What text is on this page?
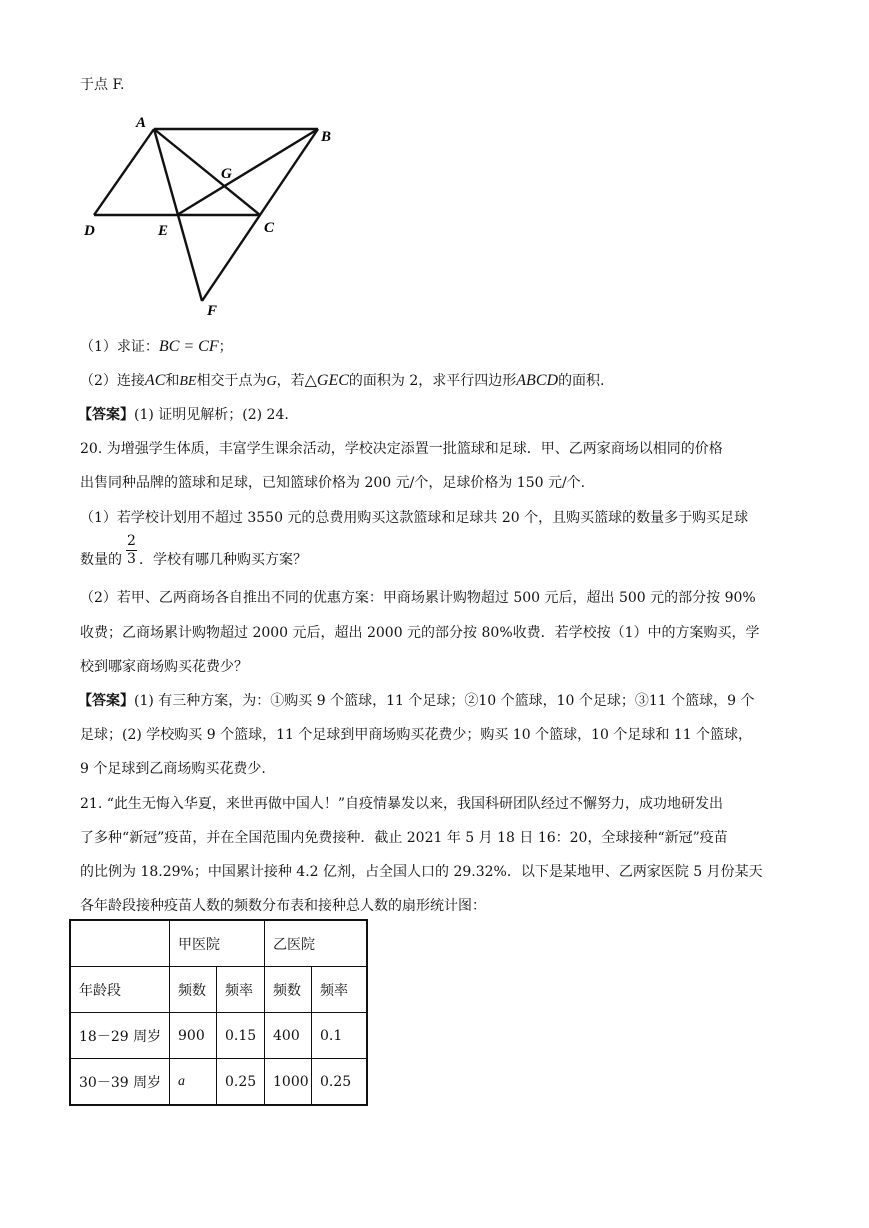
于点 F.
A
B
C
D	E
F
G
（1）求证：BC = CF；
（2）连接AC和BE相交于点为G，若△GEC的面积为 2，求平行四边形ABCD的面积.
【答案】(1) 证明见解析；(2) 24.
20. 为增强学生体质，丰富学生课余活动，学校决定添置一批篮球和足球．甲、乙两家商场以相同的价格
出售同种品牌的篮球和足球，已知篮球价格为 200 元/个，足球价格为 150 元/个.
（1）若学校计划用不超过 3550 元的总费用购买这款篮球和足球共 20 个，且购买篮球的数量多于购买足球
数量的
2
3 ．学校有哪几种购买方案？
（2）若甲、乙两商场各自推出不同的优惠方案：甲商场累计购物超过 500 元后，超出 500 元的部分按 90%
收费；乙商场累计购物超过 2000 元后，超出 2000 元的部分按 80%收费．若学校按（1）中的方案购买，学
校到哪家商场购买花费少？
【答案】(1) 有三种方案，为：①购买 9 个篮球，11 个足球；②10 个篮球，10 个足球；③11 个篮球，9 个
足球；(2) 学校购买 9 个篮球，11 个足球到甲商场购买花费少；购买 10 个篮球，10 个足球和 11 个篮球，
9 个足球到乙商场购买花费少.
21. “此生无悔入华夏，来世再做中国人！”自疫情暴发以来，我国科研团队经过不懈努力，成功地研发出
了多种“新冠”疫苗，并在全国范围内免费接种．截止 2021 年 5 月 18 日 16：20，全球接种“新冠”疫苗
的比例为 18.29%；中国累计接种 4.2 亿剂，占全国人口的 29.32%．以下是某地甲、乙两家医院 5 月份某天
各年龄段接种疫苗人数的频数分布表和接种总人数的扇形统计图：
	甲医院		乙医院	
年龄段	频数	频率	频数	频率
18－29 周岁	900	0.15	400	0.1
30－39 周岁	a	0.25	1000	0.25
